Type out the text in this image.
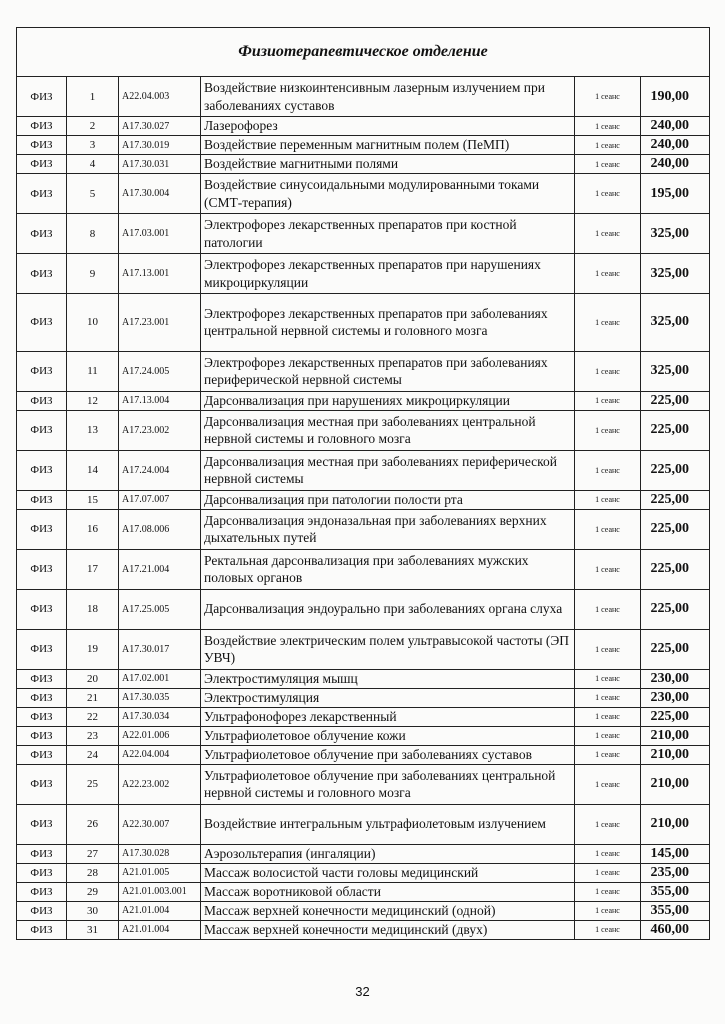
Физиотерапевтическое отделение					
ФИЗ	1	A22.04.003	Воздействие низкоинтенсивным лазерным излучением при заболеваниях суставов	1 сеанс	190,00
ФИЗ	2	A17.30.027	Лазерофорез	1 сеанс	240,00
ФИЗ	3	A17.30.019	Воздействие переменным магнитным полем (ПеМП)	1 сеанс	240,00
ФИЗ	4	A17.30.031	Воздействие магнитными полями	1 сеанс	240,00
ФИЗ	5	A17.30.004	Воздействие синусоидальными модулированными токами (СМТ-терапия)	1 сеанс	195,00
ФИЗ	8	A17.03.001	Электрофорез лекарственных препаратов при костной патологии	1 сеанс	325,00
ФИЗ	9	A17.13.001	Электрофорез лекарственных препаратов при нарушениях микроциркуляции	1 сеанс	325,00
ФИЗ	10	A17.23.001	Электрофорез лекарственных препаратов при заболеваниях центральной нервной системы и головного мозга	1 сеанс	325,00
ФИЗ	11	A17.24.005	Электрофорез лекарственных препаратов при заболеваниях периферической нервной системы	1 сеанс	325,00
ФИЗ	12	A17.13.004	Дарсонвализация при нарушениях микроциркуляции	1 сеанс	225,00
ФИЗ	13	A17.23.002	Дарсонвализация местная при заболеваниях центральной нервной системы и головного мозга	1 сеанс	225,00
ФИЗ	14	A17.24.004	Дарсонвализация местная при заболеваниях периферической нервной системы	1 сеанс	225,00
ФИЗ	15	A17.07.007	Дарсонвализация при патологии полости рта	1 сеанс	225,00
ФИЗ	16	A17.08.006	Дарсонвализация эндоназальная при заболеваниях верхних дыхательных путей	1 сеанс	225,00
ФИЗ	17	A17.21.004	Ректальная дарсонвализация при заболеваниях мужских половых органов	1 сеанс	225,00
ФИЗ	18	A17.25.005	Дарсонвализация эндоурально при заболеваниях органа слуха	1 сеанс	225,00
ФИЗ	19	A17.30.017	Воздействие электрическим полем ультравысокой частоты (ЭП УВЧ)	1 сеанс	225,00
ФИЗ	20	A17.02.001	Электростимуляция мышц	1 сеанс	230,00
ФИЗ	21	A17.30.035	Электростимуляция	1 сеанс	230,00
ФИЗ	22	A17.30.034	Ультрафонофорез лекарственный	1 сеанс	225,00
ФИЗ	23	A22.01.006	Ультрафиолетовое облучение кожи	1 сеанс	210,00
ФИЗ	24	A22.04.004	Ультрафиолетовое облучение при заболеваниях суставов	1 сеанс	210,00
ФИЗ	25	A22.23.002	Ультрафиолетовое облучение при заболеваниях центральной нервной системы и головного мозга	1 сеанс	210,00
ФИЗ	26	A22.30.007	Воздействие интегральным ультрафиолетовым излучением	1 сеанс	210,00
ФИЗ	27	A17.30.028	Аэрозольтерапия (ингаляции)	1 сеанс	145,00
ФИЗ	28	A21.01.005	Массаж волосистой части головы медицинский	1 сеанс	235,00
ФИЗ	29	A21.01.003.001	Массаж воротниковой области	1 сеанс	355,00
ФИЗ	30	A21.01.004	Массаж верхней конечности медицинский (одной)	1 сеанс	355,00
ФИЗ	31	A21.01.004	Массаж верхней конечности медицинский (двух)	1 сеанс	460,00
32
